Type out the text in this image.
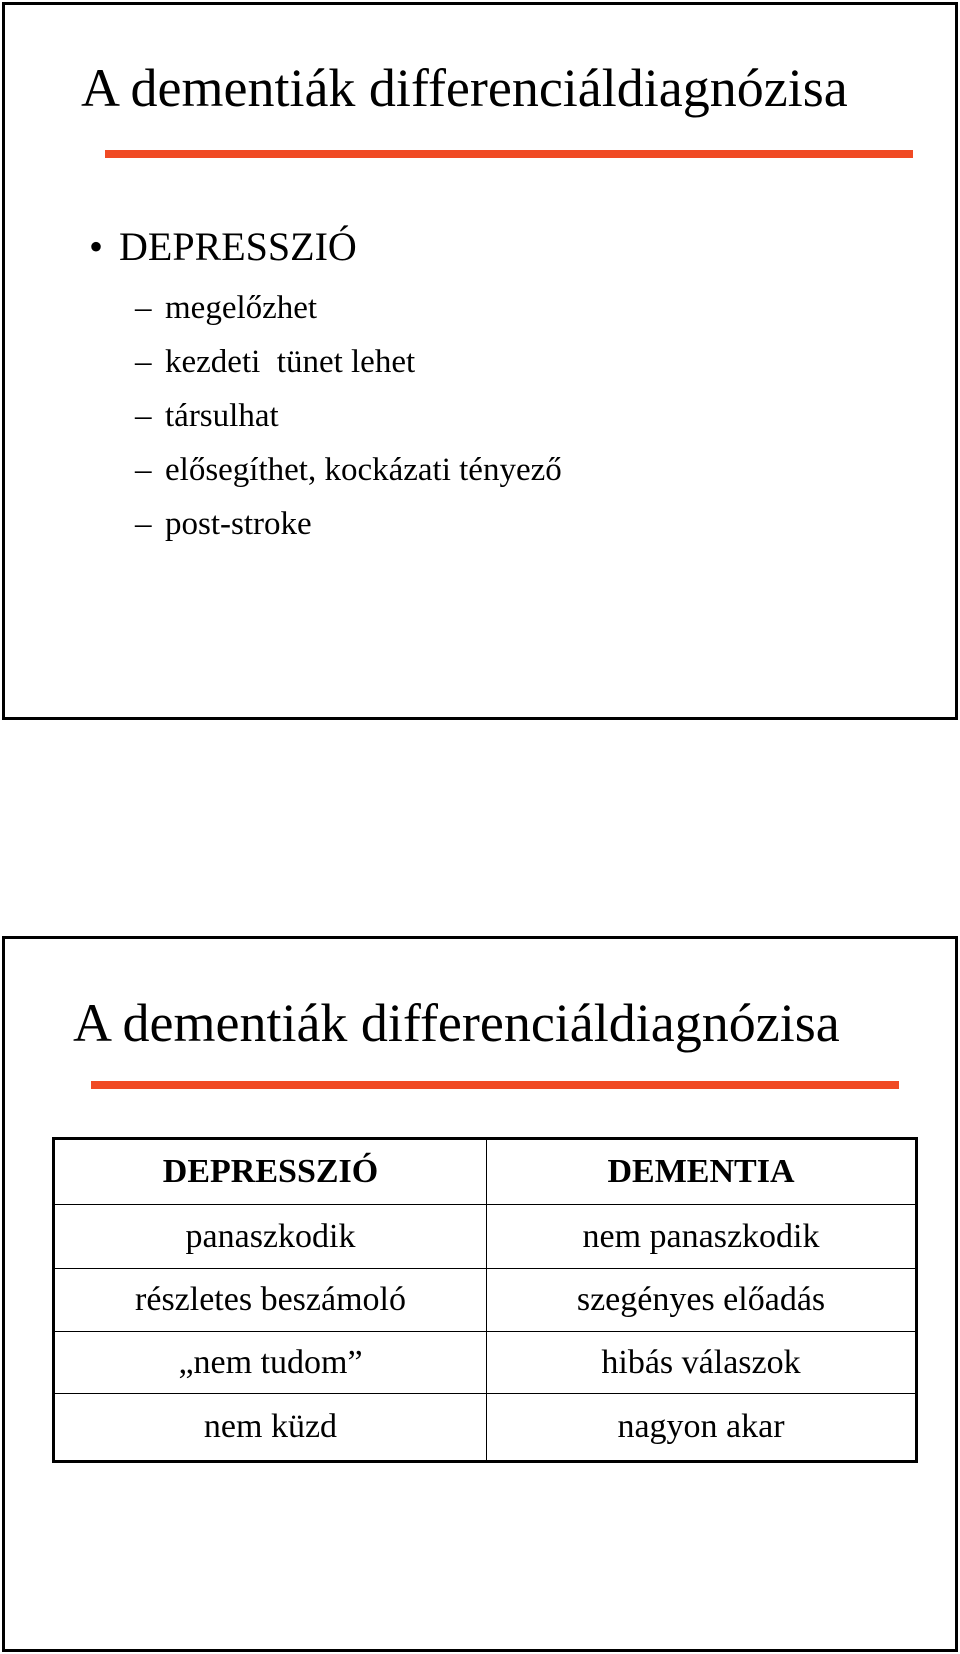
A dementiák differenciáldiagnózisa
• DEPRESSZIÓ
– megelőzhet
– kezdeti  tünet lehet
– társulhat
– elősegíthet, kockázati tényező
– post-stroke
A dementiák differenciáldiagnózisa
DEPRESSZIÓ	DEMENTIA
panaszkodik	nem panaszkodik
részletes beszámoló	szegényes előadás
„nem tudom”	hibás válaszok
nem küzd	nagyon akar
